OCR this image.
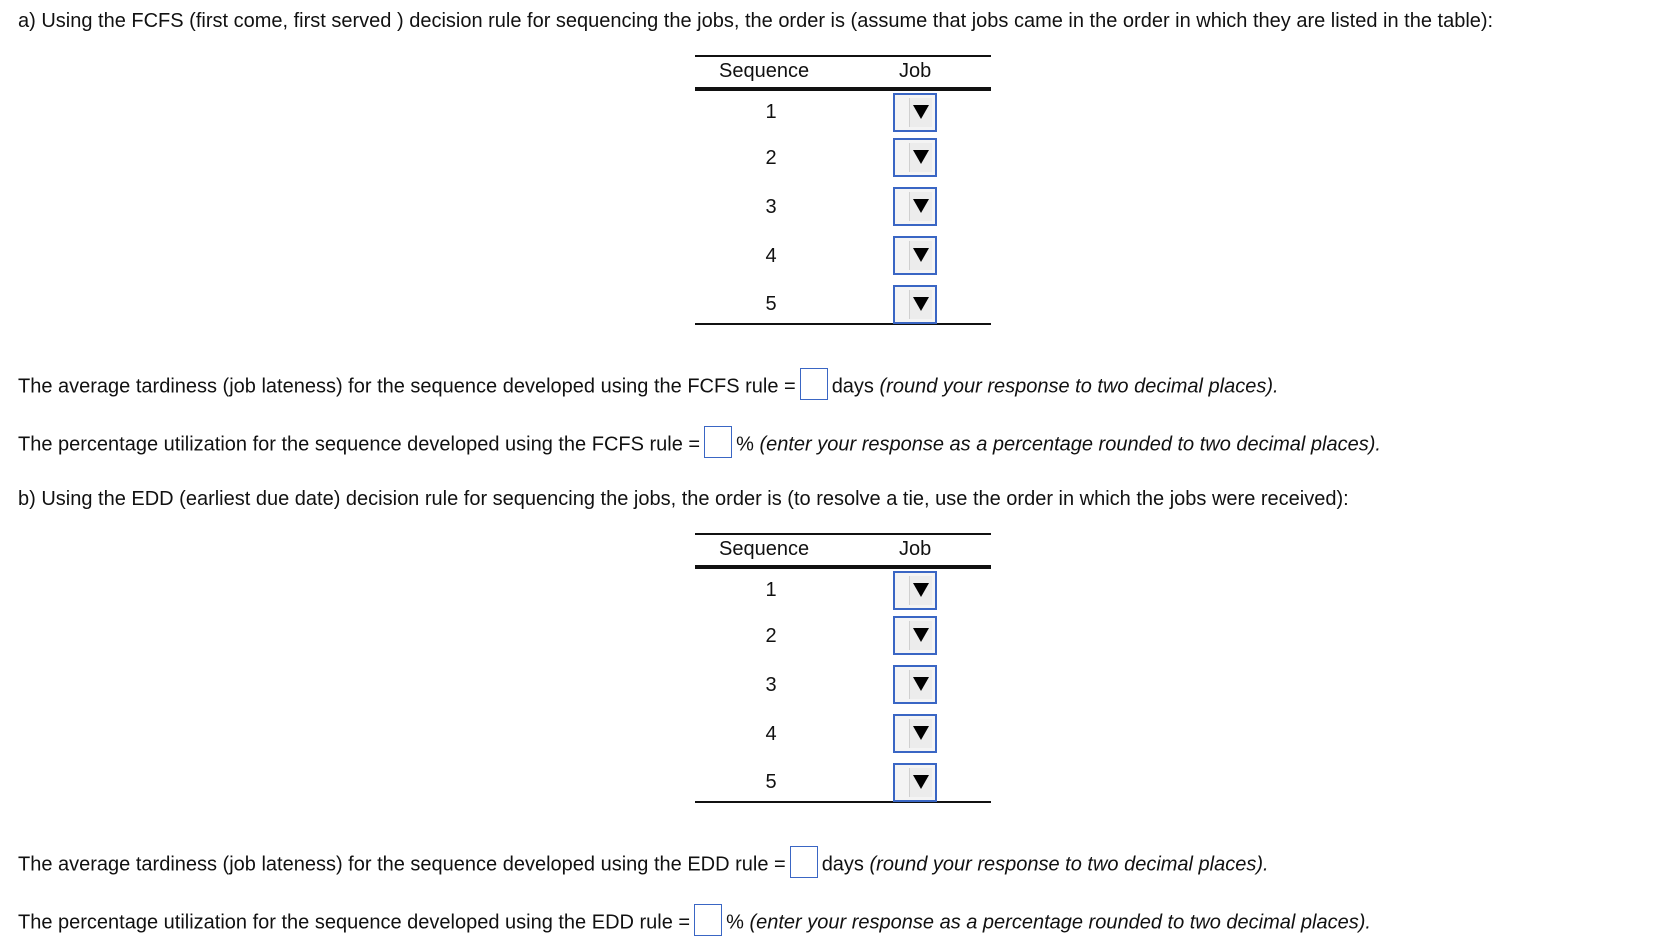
a) Using the FCFS (first come, first served ) decision rule for sequencing the jobs, the order is (assume that jobs came in the order in which they are listed in the table):
Sequence	Job
1
2
3
4
5
The average tardiness (job lateness) for the sequence developed using the FCFS rule = days (round your response to two decimal places).
The percentage utilization for the sequence developed using the FCFS rule = % (enter your response as a percentage rounded to two decimal places).
b) Using the EDD (earliest due date) decision rule for sequencing the jobs, the order is (to resolve a tie, use the order in which the jobs were received):
Sequence	Job
1
2
3
4
5
The average tardiness (job lateness) for the sequence developed using the EDD rule = days (round your response to two decimal places).
The percentage utilization for the sequence developed using the EDD rule = % (enter your response as a percentage rounded to two decimal places).
